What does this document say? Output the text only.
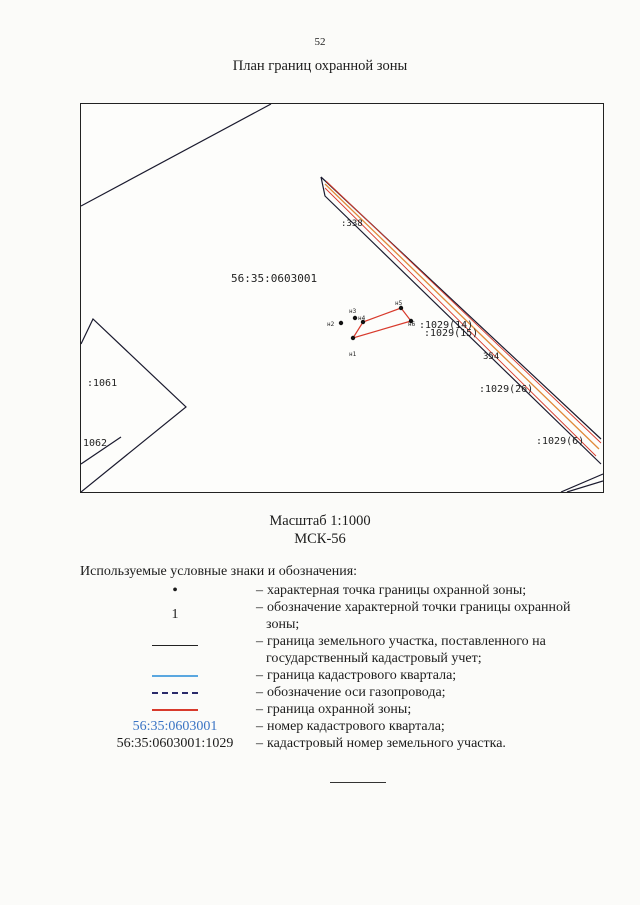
52
План границ охранной зоны
н1
н2
н3
н4
н5
н6
56:35:0603001
:338
:1029(14)
:1029(15)
354
:1029(26)
:1029(6)
:1061
1062
Масштаб 1:1000
МСК-56
Используемые условные знаки и обозначения:
•	– характерная точка границы охранной зоны;
1	– обозначение характерной точки границы охранной зоны;
– граница земельного участка, поставленного на государственный кадастровый учет;
– граница кадастрового квартала;
– обозначение оси газопровода;
– граница охранной зоны;
56:35:0603001	– номер кадастрового квартала;
56:35:0603001:1029	– кадастровый номер земельного участка.
